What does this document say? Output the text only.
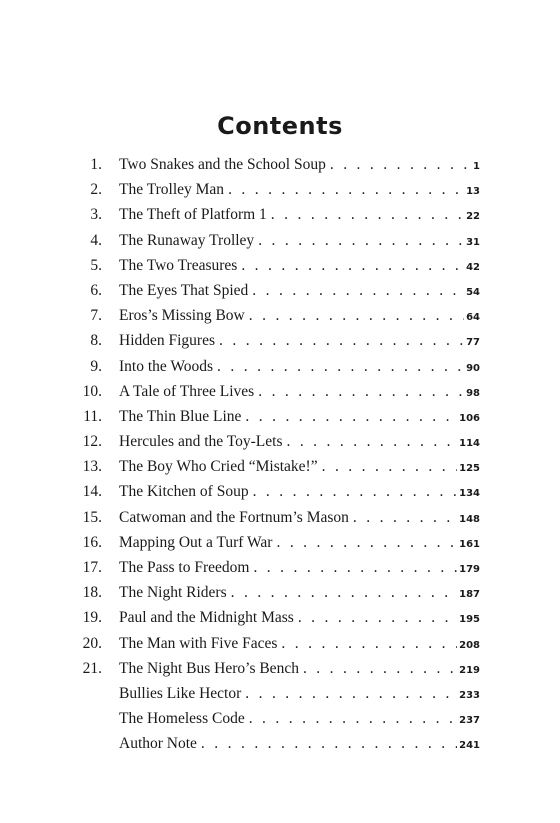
Contents
1. Two Snakes and the School Soup . . .	1
2. The Trolley Man . . .	13
3. The Theft of Platform 1 . . .	22
4. The Runaway Trolley . . .	31
5. The Two Treasures . . .	42
6. The Eyes That Spied . . .	54
7. Eros’s Missing Bow . . .	64
8. Hidden Figures . . .	77
9. Into the Woods . . .	90
10. A Tale of Three Lives . . .	98
11. The Thin Blue Line . . .	106
12. Hercules and the Toy-Lets . . .	114
13. The Boy Who Cried “Mistake!” . . .	125
14. The Kitchen of Soup . . .	134
15. Catwoman and the Fortnum’s Mason . . .	148
16. Mapping Out a Turf War . . .	161
17. The Pass to Freedom . . .	179
18. The Night Riders . . .	187
19. Paul and the Midnight Mass . . .	195
20. The Man with Five Faces . . .	208
21. The Night Bus Hero’s Bench . . .	219
Bullies Like Hector . . .	233
The Homeless Code . . .	237
Author Note . . .	241
